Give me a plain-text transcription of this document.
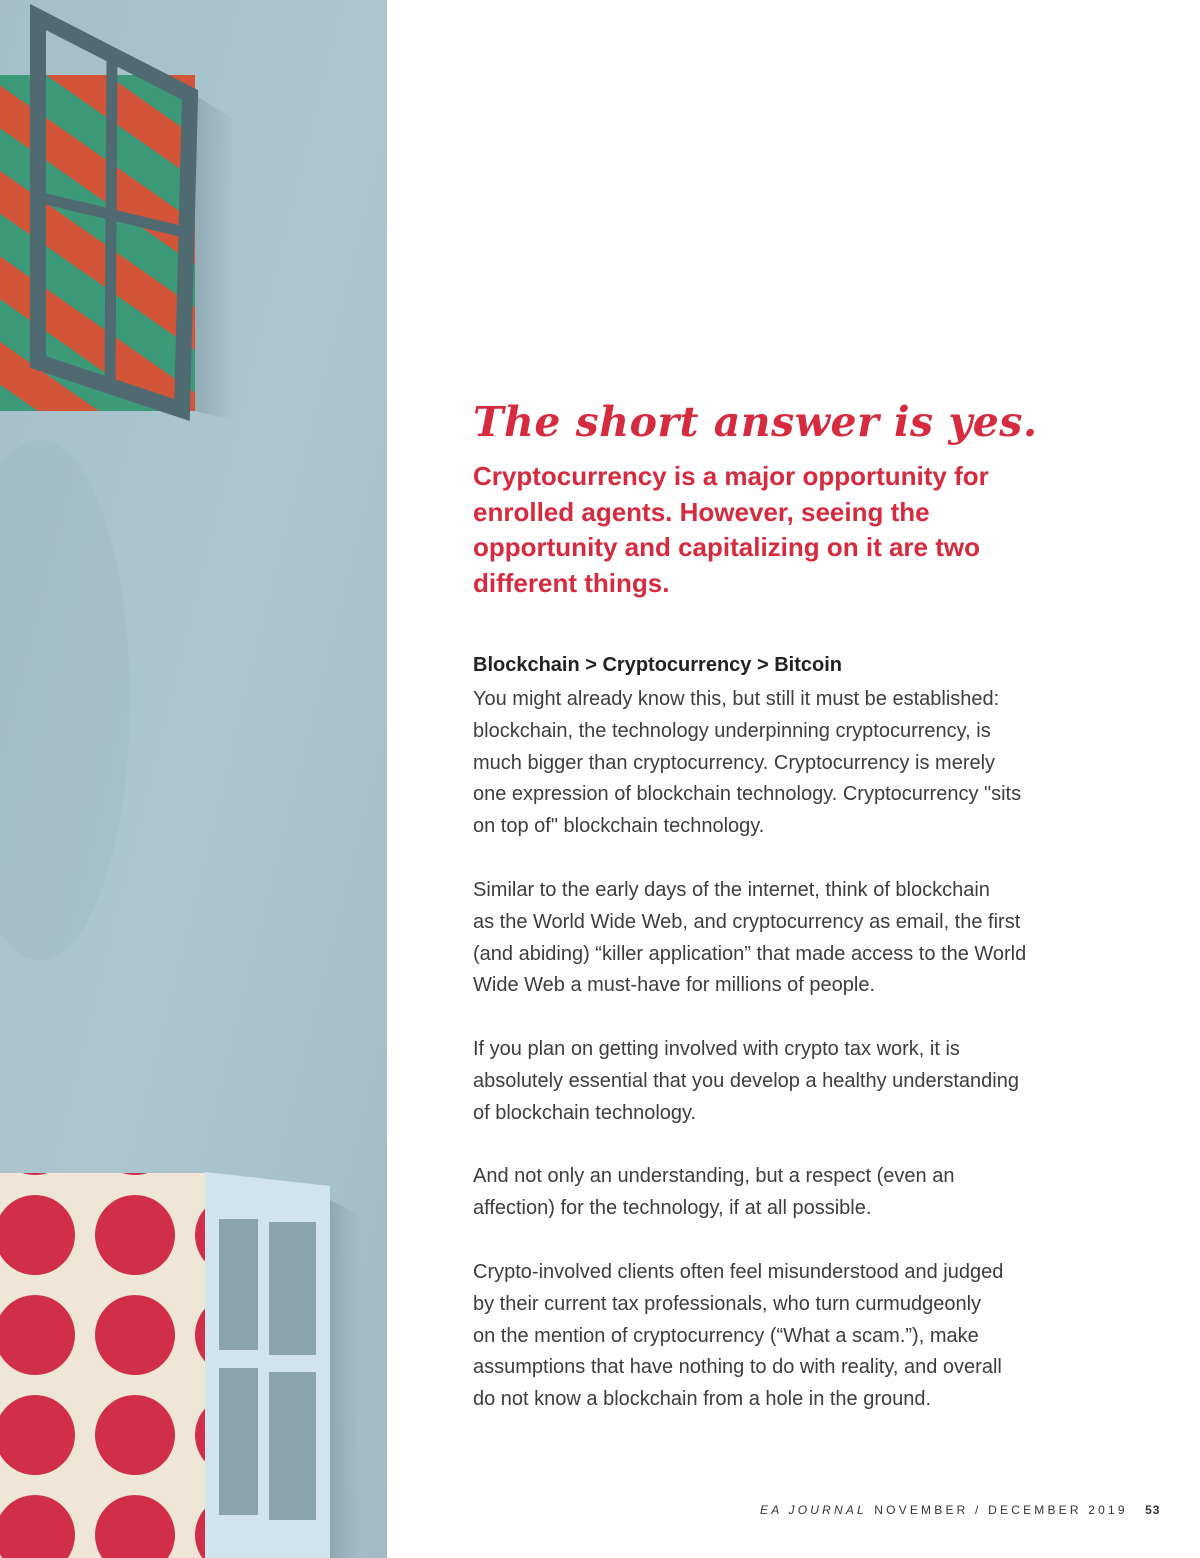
The short answer is yes.

Cryptocurrency is a major opportunity for enrolled agents. However, seeing the opportunity and capitalizing on it are two different things.

Blockchain > Cryptocurrency > Bitcoin

You might already know this, but still it must be established:
blockchain, the technology underpinning cryptocurrency, is
much bigger than cryptocurrency. Cryptocurrency is merely
one expression of blockchain technology. Cryptocurrency "sits
on top of" blockchain technology.

Similar to the early days of the internet, think of blockchain
as the World Wide Web, and cryptocurrency as email, the first
(and abiding) “killer application” that made access to the World
Wide Web a must-have for millions of people.

If you plan on getting involved with crypto tax work, it is
absolutely essential that you develop a healthy understanding
of blockchain technology.

And not only an understanding, but a respect (even an
affection) for the technology, if at all possible.

Crypto-involved clients often feel misunderstood and judged
by their current tax professionals, who turn curmudgeonly
on the mention of cryptocurrency (“What a scam.”), make
assumptions that have nothing to do with reality, and overall
do not know a blockchain from a hole in the ground.

EA JOURNAL NOVEMBER / DECEMBER 2019 53
